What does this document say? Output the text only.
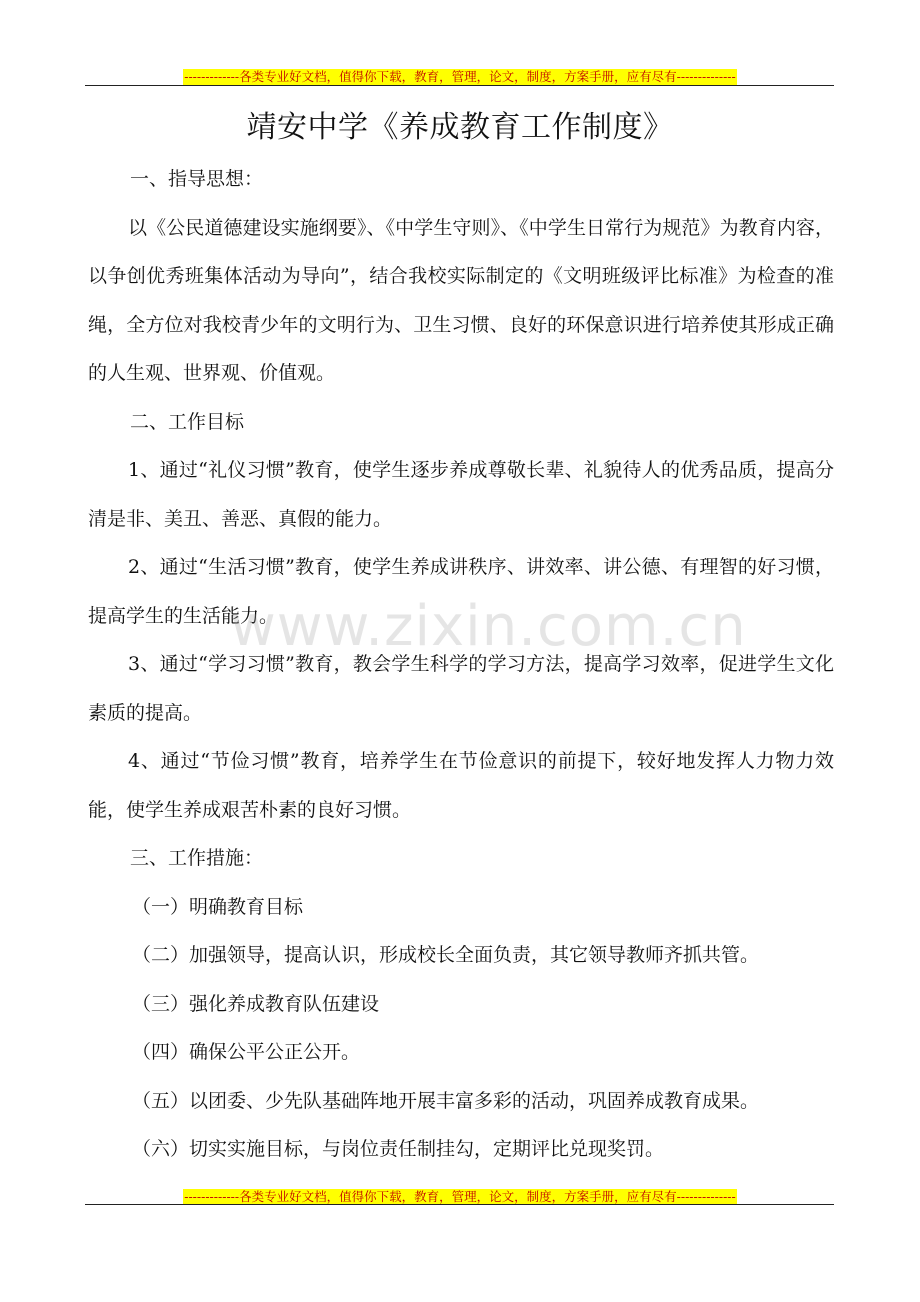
-------------各类专业好文档，值得你下载，教育，管理，论文，制度，方案手册，应有尽有--------------
靖安中学《养成教育工作制度》

一、指导思想：

以《公民道德建设实施纲要》、《中学生守则》、《中学生日常行为规范》为教育内容，以争创优秀班集体活动为导向”，结合我校实际制定的《文明班级评比标准》为检查的准绳，全方位对我校青少年的文明行为、卫生习惯、良好的环保意识进行培养使其形成正确的人生观、世界观、价值观。

二、工作目标

1、通过“礼仪习惯”教育，使学生逐步养成尊敬长辈、礼貌待人的优秀品质，提高分清是非、美丑、善恶、真假的能力。

2、通过“生活习惯”教育，使学生养成讲秩序、讲效率、讲公德、有理智的好习惯，提高学生的生活能力。

3、通过“学习习惯”教育，教会学生科学的学习方法，提高学习效率，促进学生文化素质的提高。

4、通过“节俭习惯”教育，培养学生在节俭意识的前提下，较好地发挥人力物力效能，使学生养成艰苦朴素的良好习惯。

三、工作措施：

（一）明确教育目标

（二）加强领导，提高认识，形成校长全面负责，其它领导教师齐抓共管。

（三）强化养成教育队伍建设

（四）确保公平公正公开。

（五）以团委、少先队基础阵地开展丰富多彩的活动，巩固养成教育成果。

（六）切实实施目标，与岗位责任制挂勾，定期评比兑现奖罚。

www.zixin.com.cn
-------------各类专业好文档，值得你下载，教育，管理，论文，制度，方案手册，应有尽有--------------
